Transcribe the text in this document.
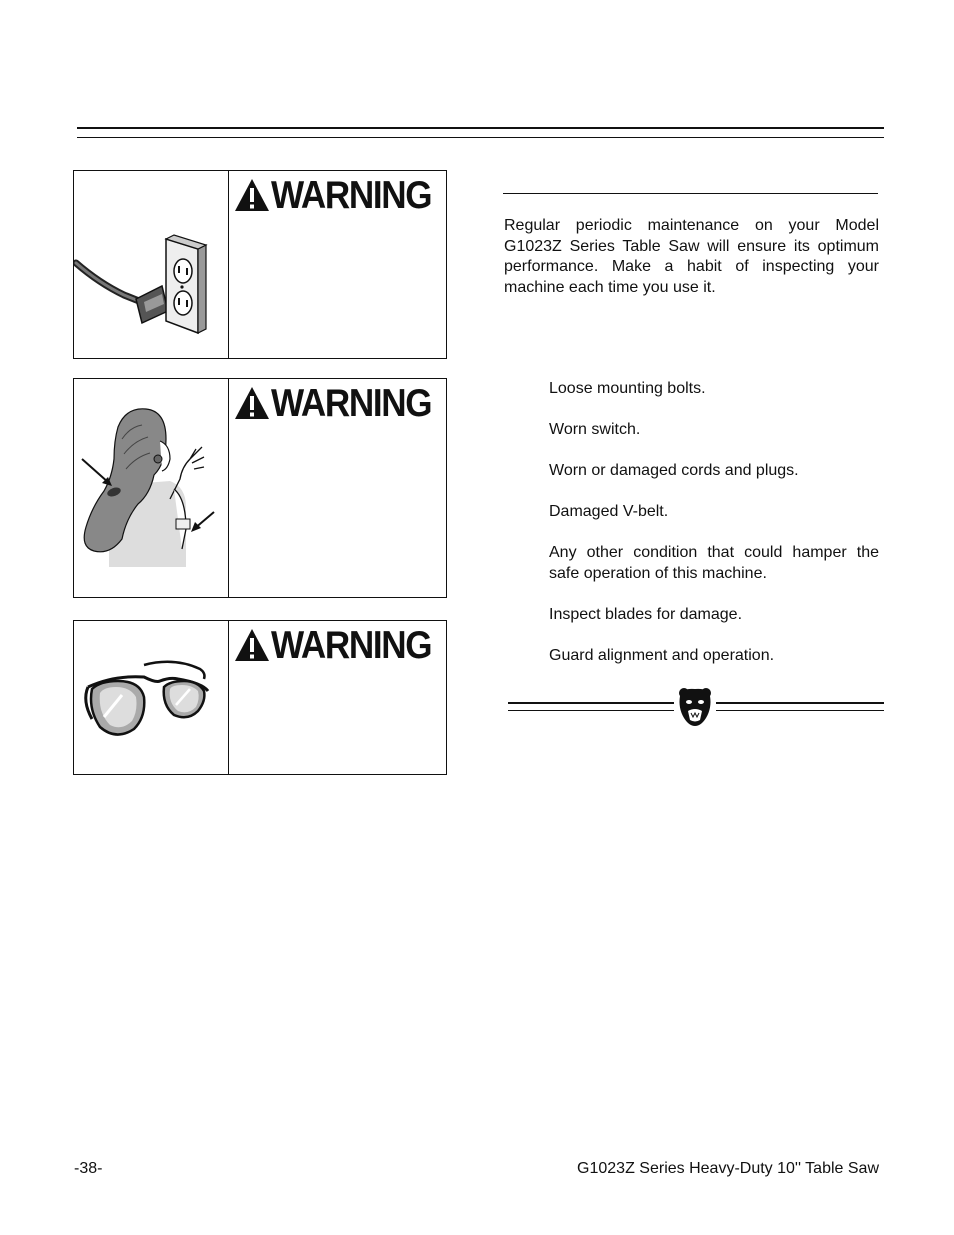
WARNING
WARNING
WARNING

Regular periodic maintenance on your Model G1023Z Series Table Saw will ensure its optimum performance. Make a habit of inspecting your machine each time you use it.

Loose mounting bolts.
Worn switch.
Worn or damaged cords and plugs.
Damaged V-belt.
Any other condition that could hamper the safe operation of this machine.
Inspect blades for damage.
Guard alignment and operation.
-38-	G1023Z Series Heavy-Duty 10'' Table Saw
